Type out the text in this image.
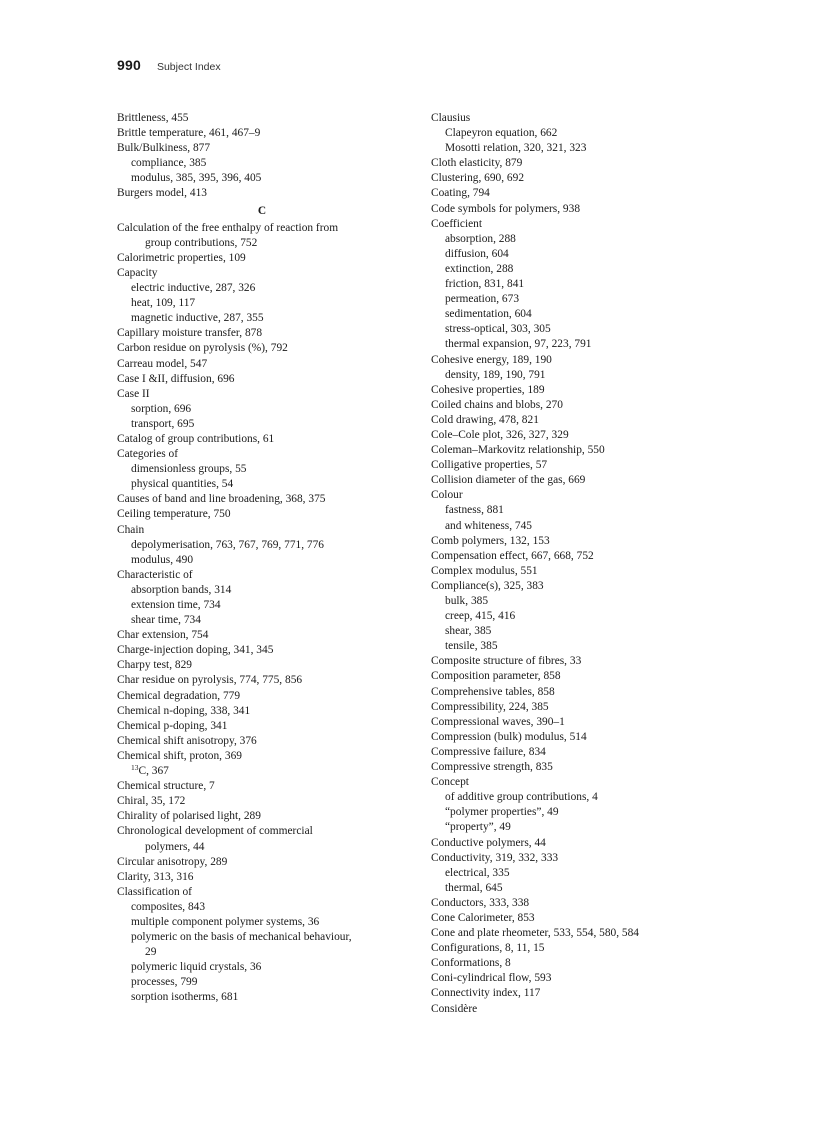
990 Subject Index
Brittleness, 455
Brittle temperature, 461, 467–9
Bulk/Bulkiness, 877
compliance, 385
modulus, 385, 395, 396, 405
Burgers model, 413
C
Calculation of the free enthalpy of reaction from
group contributions, 752
Calorimetric properties, 109
Capacity
electric inductive, 287, 326
heat, 109, 117
magnetic inductive, 287, 355
Capillary moisture transfer, 878
Carbon residue on pyrolysis (%), 792
Carreau model, 547
Case I &II, diffusion, 696
Case II
sorption, 696
transport, 695
Catalog of group contributions, 61
Categories of
dimensionless groups, 55
physical quantities, 54
Causes of band and line broadening, 368, 375
Ceiling temperature, 750
Chain
depolymerisation, 763, 767, 769, 771, 776
modulus, 490
Characteristic of
absorption bands, 314
extension time, 734
shear time, 734
Char extension, 754
Charge-injection doping, 341, 345
Charpy test, 829
Char residue on pyrolysis, 774, 775, 856
Chemical degradation, 779
Chemical n-doping, 338, 341
Chemical p-doping, 341
Chemical shift anisotropy, 376
Chemical shift, proton, 369
$^{13}$C, 367
Chemical structure, 7
Chiral, 35, 172
Chirality of polarised light, 289
Chronological development of commercial
polymers, 44
Circular anisotropy, 289
Clarity, 313, 316
Classification of
composites, 843
multiple component polymer systems, 36
polymeric on the basis of mechanical behaviour,
29
polymeric liquid crystals, 36
processes, 799
sorption isotherms, 681
Clausius
Clapeyron equation, 662
Mosotti relation, 320, 321, 323
Cloth elasticity, 879
Clustering, 690, 692
Coating, 794
Code symbols for polymers, 938
Coefficient
absorption, 288
diffusion, 604
extinction, 288
friction, 831, 841
permeation, 673
sedimentation, 604
stress-optical, 303, 305
thermal expansion, 97, 223, 791
Cohesive energy, 189, 190
density, 189, 190, 791
Cohesive properties, 189
Coiled chains and blobs, 270
Cold drawing, 478, 821
Cole–Cole plot, 326, 327, 329
Coleman–Markovitz relationship, 550
Colligative properties, 57
Collision diameter of the gas, 669
Colour
fastness, 881
and whiteness, 745
Comb polymers, 132, 153
Compensation effect, 667, 668, 752
Complex modulus, 551
Compliance(s), 325, 383
bulk, 385
creep, 415, 416
shear, 385
tensile, 385
Composite structure of fibres, 33
Composition parameter, 858
Comprehensive tables, 858
Compressibility, 224, 385
Compressional waves, 390–1
Compression (bulk) modulus, 514
Compressive failure, 834
Compressive strength, 835
Concept
of additive group contributions, 4
“polymer properties”, 49
“property”, 49
Conductive polymers, 44
Conductivity, 319, 332, 333
electrical, 335
thermal, 645
Conductors, 333, 338
Cone Calorimeter, 853
Cone and plate rheometer, 533, 554, 580, 584
Configurations, 8, 11, 15
Conformations, 8
Coni-cylindrical flow, 593
Connectivity index, 117
Considère
